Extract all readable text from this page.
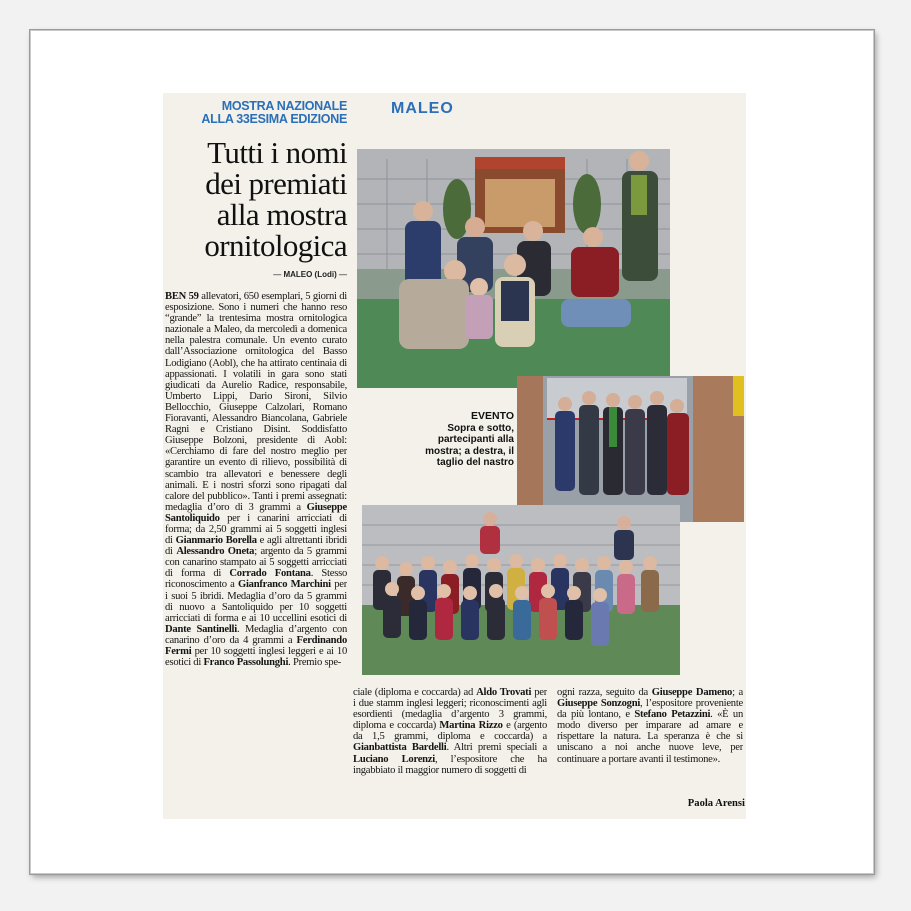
MOSTRA NAZIONALE
ALLA 33ESIMA EDIZIONE
MALEO
Tutti i nomi
dei premiati
alla mostra
ornitologica
— MALEO (Lodi) —
BEN 59 allevatori, 650 esemplari, 5 giorni di esposizione. Sono i numeri che hanno reso “grande” la trentesima mostra ornitologica nazionale a Maleo, da mercoledì a domenica nella palestra comunale. Un evento curato dall’Associazione ornitologica del Basso Lodigiano (Aobl), che ha attirato centinaia di appassionati. I volatili in gara sono stati giudicati da Aurelio Radice, responsabile, Umberto Lippi, Dario Sironi, Silvio Bellocchio, Giuseppe Calzolari, Romano Fioravanti, Alessandro Biancolana, Gabriele Ragni e Cristiano Disint. Soddisfatto Giuseppe Bolzoni, presidente di Aobl: «Cerchiamo di fare del nostro meglio per garantire un evento di rilievo, possibilità di scambio tra allevatori e benessere degli animali. E i nostri sforzi sono ripagati dal calore del pubblico». Tanti i premi assegnati: medaglia d’oro di 3 grammi a Giuseppe Santoliquido per i canarini arricciati di forma; da 2,50 grammi ai 5 soggetti inglesi di Gianmario Borella e agli altrettanti ibridi di Alessandro Oneta; argento da 5 grammi con canarino stampato ai 5 soggetti arricciati di forma di Corrado Fontana. Stesso riconoscimento a Gianfranco Marchini per i suoi 5 ibridi. Medaglia d’oro da 5 grammi di nuovo a Santoliquido per 10 soggetti arricciati di forma e ai 10 uccellini esotici di Dante Santinelli. Medaglia d’argento con canarino d’oro da 4 grammi a Ferdinando Fermi per 10 soggetti inglesi leggeri e ai 10 esotici di Franco Passolunghi. Premio spe-
EVENTO
Sopra e sotto, partecipanti alla mostra; a destra, il taglio del nastro
ciale (diploma e coccarda) ad Aldo Trovati per i due stamm inglesi leggeri; riconoscimenti agli esordienti (medaglia d’argento 3 grammi, diploma e coccarda) Martina Rizzo e (argento da 1,5 grammi, diploma e coccarda) a Gianbattista Bardelli. Altri premi speciali a Luciano Lorenzi, l’espositore che ha ingabbiato il maggior numero di soggetti di
ogni razza, seguito da Giuseppe Dameno; a Giuseppe Sonzogni, l’espositore proveniente da più lontano, e Stefano Petazzini. «È un modo diverso per imparare ad amare e rispettare la natura. La speranza è che si uniscano a noi anche nuove leve, per continuare a portare avanti il testimone».
Paola Arensi
